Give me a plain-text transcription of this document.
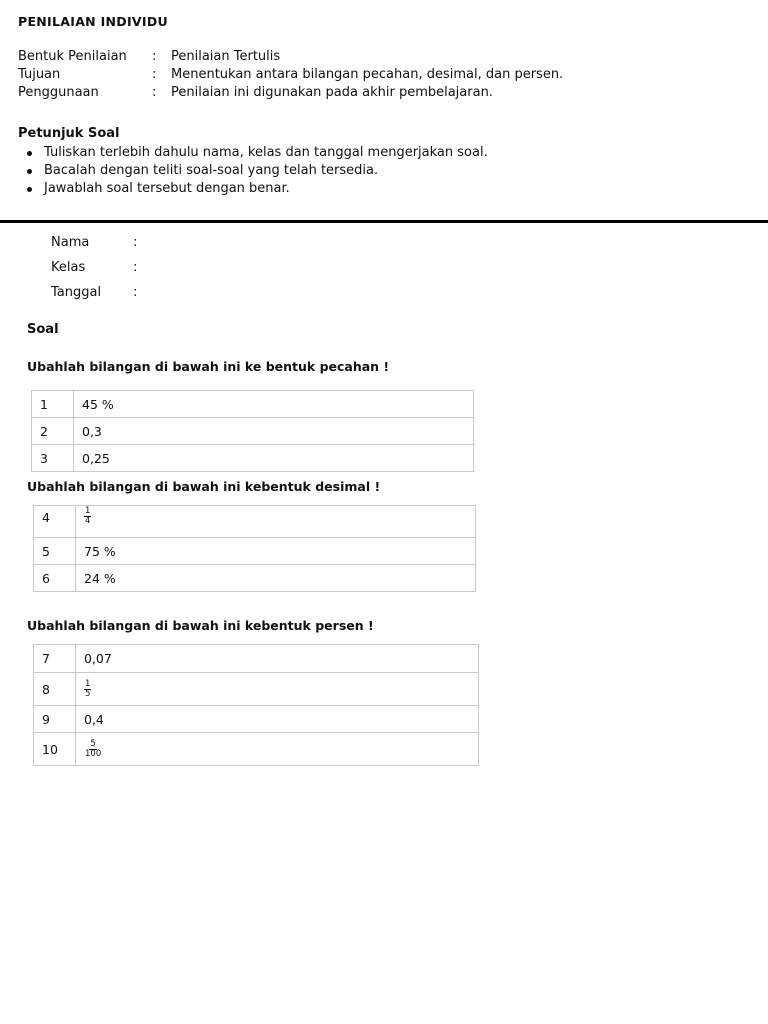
PENILAIAN INDIVIDU
Bentuk Penilaian : Penilaian Tertulis
Tujuan	: Menentukan antara bilangan pecahan, desimal, dan persen.
Penggunaan	: Penilaian ini digunakan pada akhir pembelajaran.
Petunjuk Soal
Tuliskan terlebih dahulu nama, kelas dan tanggal mengerjakan soal.
Bacalah dengan teliti soal-soal yang telah tersedia.
Jawablah soal tersebut dengan benar.
Nama	:
Kelas	:
Tanggal :
Soal
Ubahlah bilangan di bawah ini ke bentuk pecahan !
1	45 %
2	0,3
3	0,25
Ubahlah bilangan di bawah ini kebentuk desimal !
4	$\frac{1}{4}$

5	75 %
6	24 %
Ubahlah bilangan di bawah ini kebentuk persen !
7	0,07
8	$\frac{1}{5}$

9	0,4
10	$\frac{5}{100}$
